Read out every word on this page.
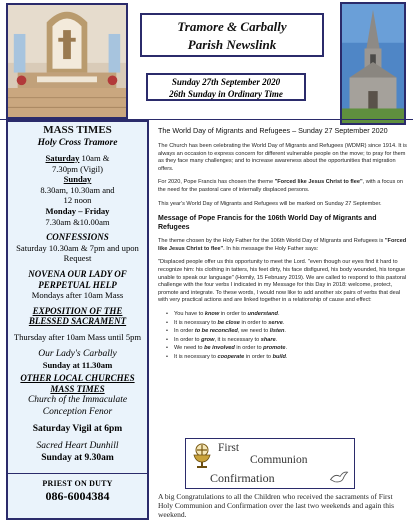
Tramore & Carbally
Parish Newslink
Sunday 27th September 2020
26th Sunday in Ordinary Time
MASS TIMES
Holy Cross Tramore
Saturday 10am &
7.30pm (Vigil)
Sunday
8.30am, 10.30am and
12 noon
Monday – Friday
7.30am &10.00am
CONFESSIONS
Saturday 10.30am & 7pm and upon Request
NOVENA OUR LADY OF PERPETUAL HELP
Mondays after 10am Mass
EXPOSITION OF THE BLESSED SACRAMENT

Thursday after 10am Mass until 5pm
Our Lady's Carbally
Sunday at 11.30am
OTHER LOCAL CHURCHES MASS TIMES
Church of the Immaculate Conception Fenor
Saturday Vigil at 6pm
Sacred Heart Dunhill
Sunday at 9.30am
PRIEST ON DUTY
086-6004384
The World Day of Migrants and Refugees – Sunday 27 September 2020

The Church has been celebrating the World Day of Migrants and Refugees (WDMR) since 1914. It is always an occasion to express concern for different vulnerable people on the move; to pray for them as they face many challenges; and to increase awareness about the opportunities that migration offers.

For 2020, Pope Francis has chosen the theme "Forced like Jesus Christ to flee", with a focus on the need for the pastoral care of internally displaced persons.

This year's World Day of Migrants and Refugees will be marked on Sunday 27 September.

Message of Pope Francis for the 106th World Day of Migrants and Refugees

The theme chosen by the Holy Father for the 106th World Day of Migrants and Refugees is "Forced like Jesus Christ to flee". In his message the Holy Father says:

"Displaced people offer us this opportunity to meet the Lord. "even though our eyes find it hard to recognize him: his clothing in tatters, his feet dirty, his face disfigured, his body wounded, his tongue unable to speak our language" (Homily, 15 February 2019). We are called to respond to this pastoral challenge with the four verbs I indicated in my Message for this Day in 2018: welcome, protect, promote and integrate. To these words, I would now like to add another six pairs of verbs that deal with very practical actions and are linked together in a relationship of cause and effect:

• You have to know in order to understand.
• It is necessary to be close in order to serve.
• In order to be reconciled, we need to listen.
• In order to grow, it is necessary to share.
• We need to be involved in order to promote.
• It is necessary to cooperate in order to build.
First
Communion
Confirmation
A big Congratulations to all the Children who received the sacraments of First Holy Communion and Confirmation over the last two weekends and again this weekend.
